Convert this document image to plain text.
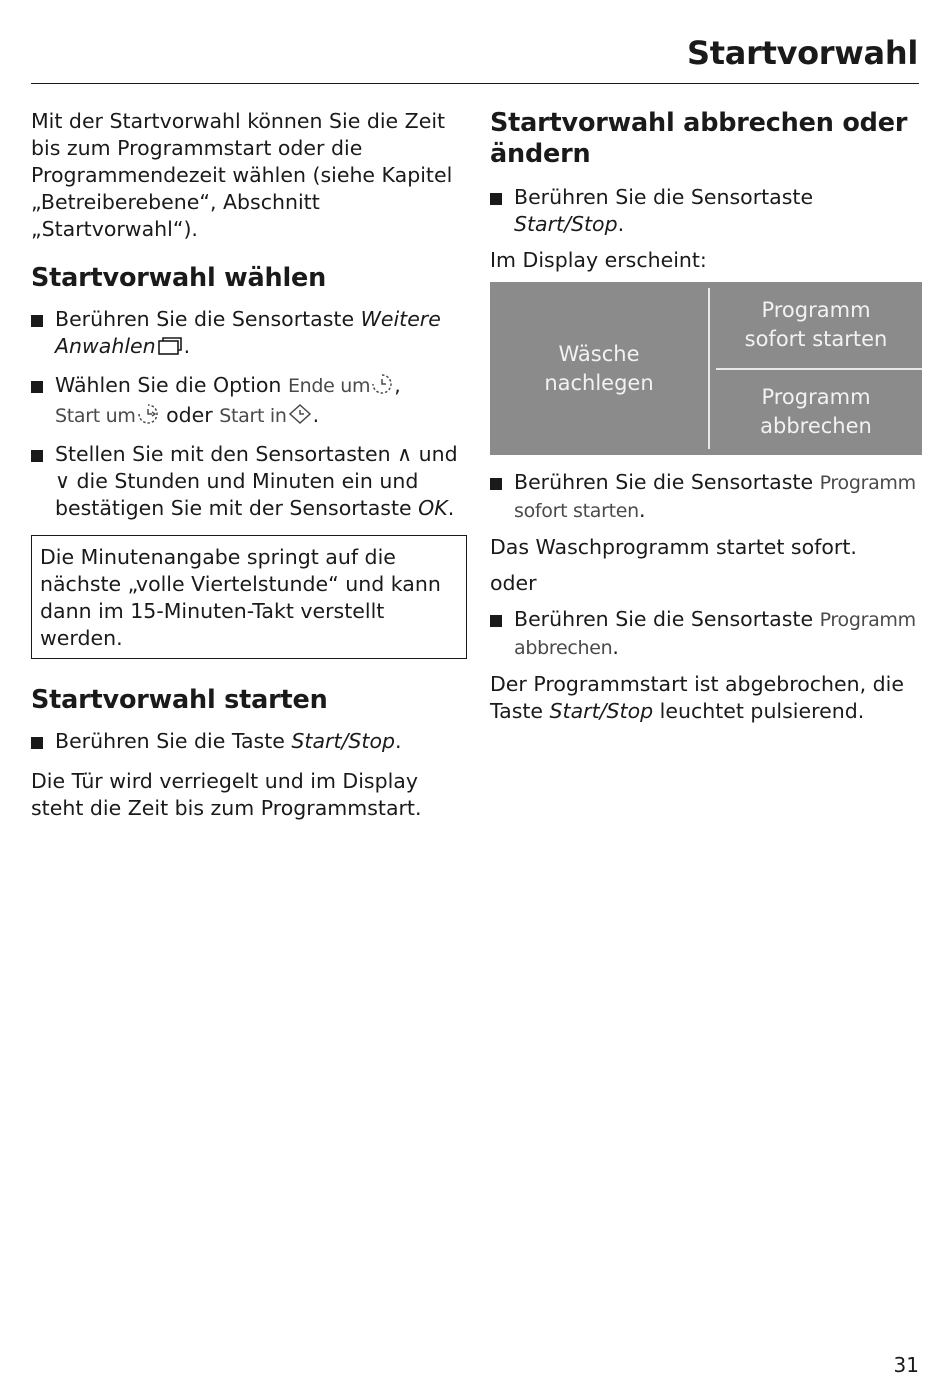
Startvorwahl

Mit der Startvorwahl können Sie die Zeit bis zum Programmstart oder die Programmendezeit wählen (siehe Kapitel „Betreiberebene“, Abschnitt „Startvorwahl“).

Startvorwahl wählen
Berühren Sie die Sensortaste Weitere Anwahlen .
Wählen Sie die Option Ende um ,
Start um oder Start in .
Stellen Sie mit den Sensortasten ∧ und ∨ die Stunden und Minuten ein und bestätigen Sie mit der Sensortaste OK.

Die Minutenangabe springt auf die nächste „volle Viertelstunde“ und kann dann im 15-Minuten-Takt verstellt werden.

Startvorwahl starten
Berühren Sie die Taste Start/Stop.

Die Tür wird verriegelt und im Display steht die Zeit bis zum Programmstart.

Startvorwahl abbrechen oder ändern
Berühren Sie die Sensortaste Start/Stop.

Im Display erscheint:

Wäsche nachlegen
Programm sofort starten
Programm abbrechen
Berühren Sie die Sensortaste Programm sofort starten.

Das Waschprogramm startet sofort.

oder

Berühren Sie die Sensortaste Programm abbrechen.

Der Programmstart ist abgebrochen, die Taste Start/Stop leuchtet pulsierend.

31
